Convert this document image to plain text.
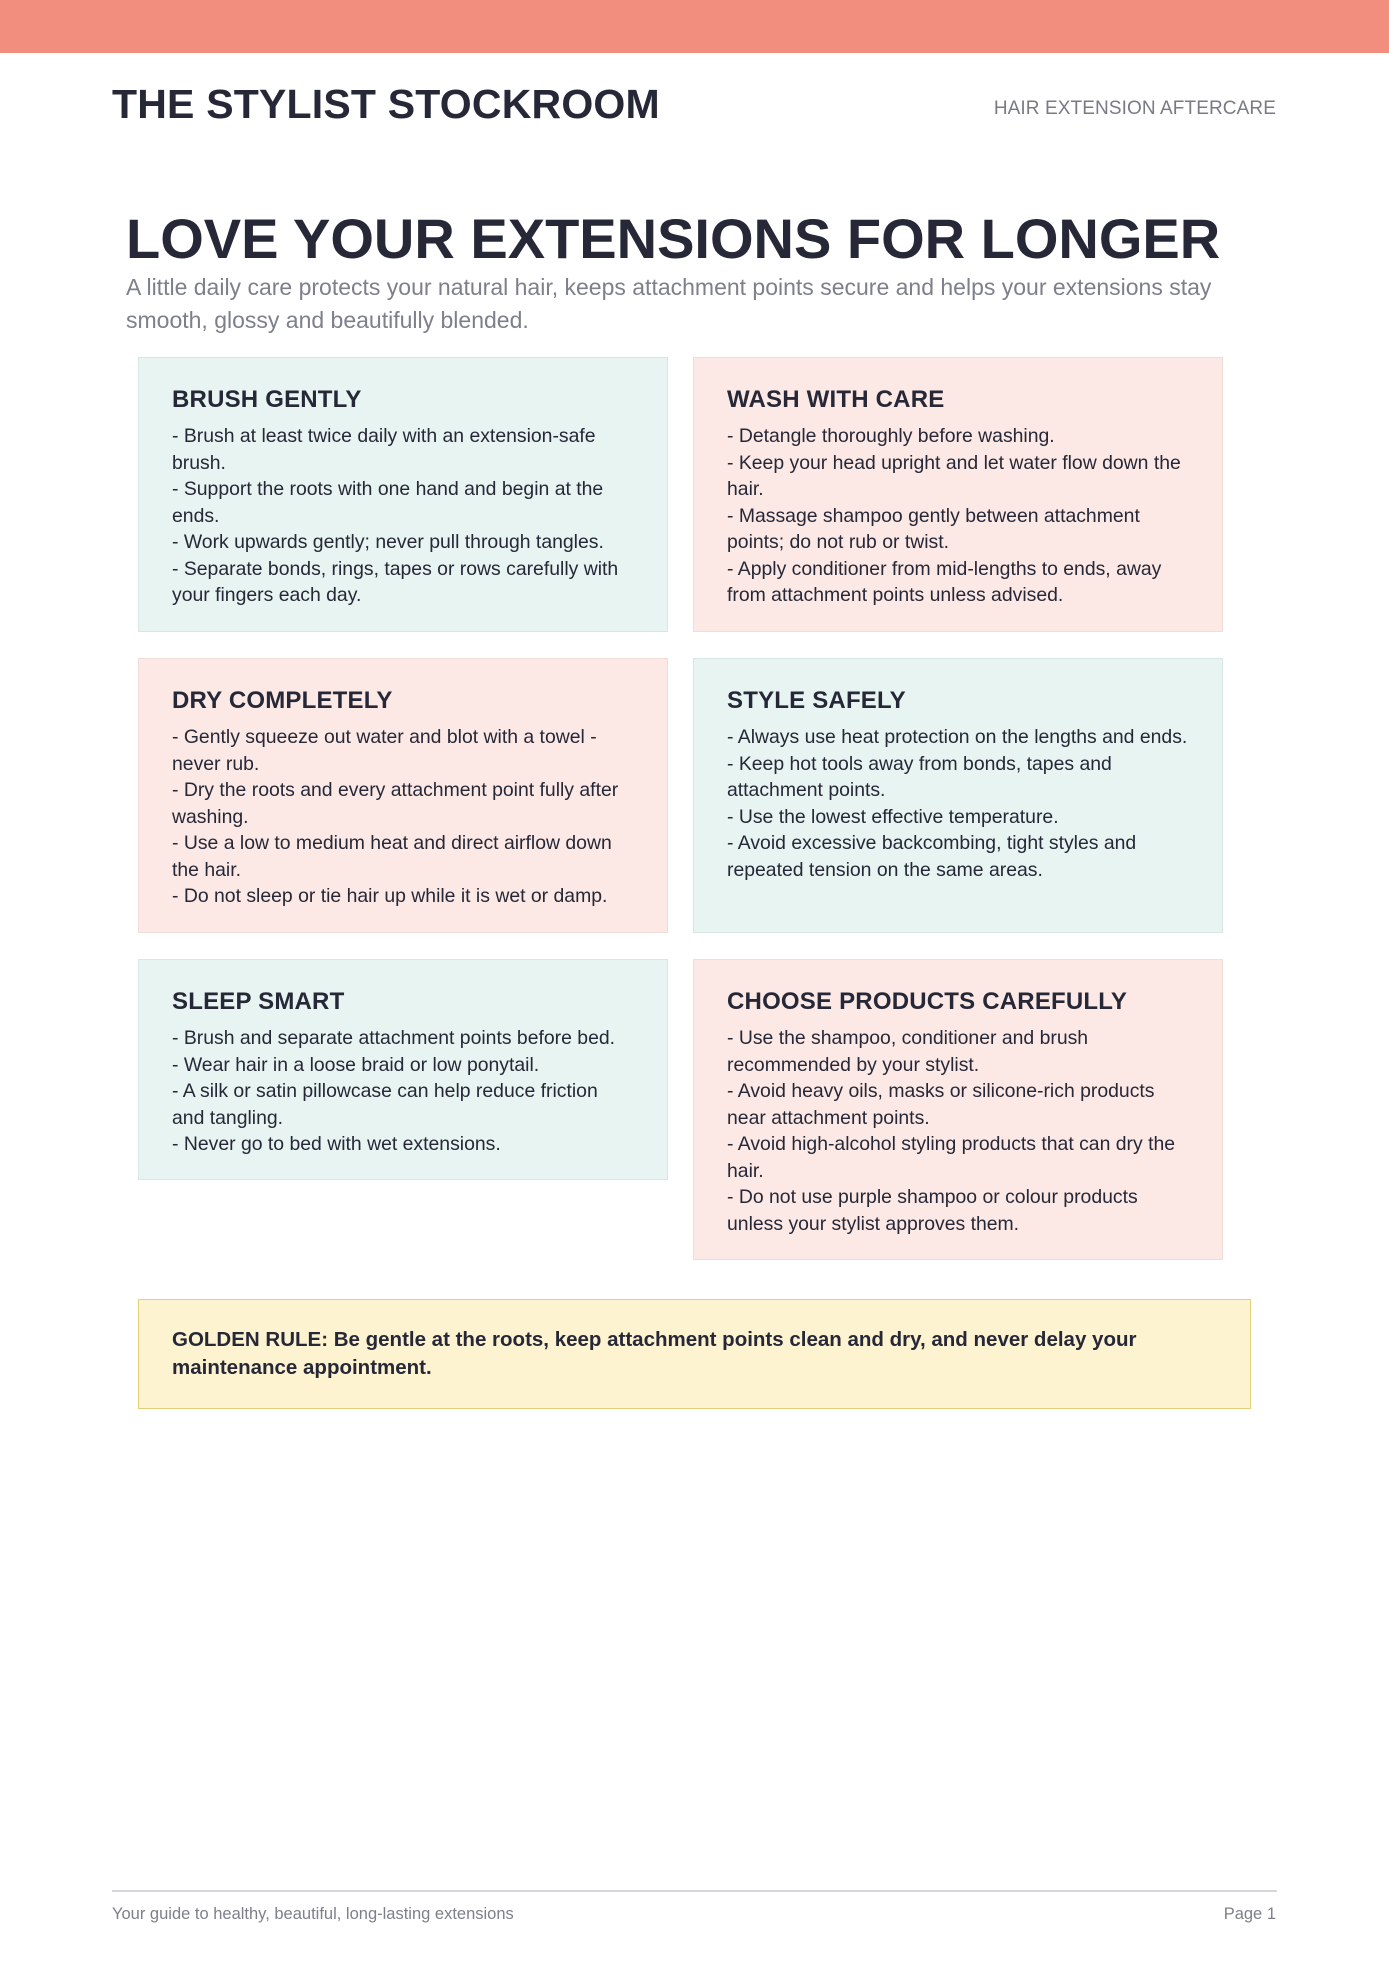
THE STYLIST STOCKROOM	HAIR EXTENSION AFTERCARE
LOVE YOUR EXTENSIONS FOR LONGER
A little daily care protects your natural hair, keeps attachment points secure and helps your extensions stay smooth, glossy and beautifully blended.
BRUSH GENTLY
- Brush at least twice daily with an extension-safe brush.
- Support the roots with one hand and begin at the ends.
- Work upwards gently; never pull through tangles.
- Separate bonds, rings, tapes or rows carefully with your fingers each day.
WASH WITH CARE
- Detangle thoroughly before washing.
- Keep your head upright and let water flow down the hair.
- Massage shampoo gently between attachment points; do not rub or twist.
- Apply conditioner from mid-lengths to ends, away from attachment points unless advised.
DRY COMPLETELY
- Gently squeeze out water and blot with a towel - never rub.
- Dry the roots and every attachment point fully after washing.
- Use a low to medium heat and direct airflow down the hair.
- Do not sleep or tie hair up while it is wet or damp.
STYLE SAFELY
- Always use heat protection on the lengths and ends.
- Keep hot tools away from bonds, tapes and attachment points.
- Use the lowest effective temperature.
- Avoid excessive backcombing, tight styles and repeated tension on the same areas.
SLEEP SMART
- Brush and separate attachment points before bed.
- Wear hair in a loose braid or low ponytail.
- A silk or satin pillowcase can help reduce friction and tangling.
- Never go to bed with wet extensions.
CHOOSE PRODUCTS CAREFULLY
- Use the shampoo, conditioner and brush recommended by your stylist.
- Avoid heavy oils, masks or silicone-rich products near attachment points.
- Avoid high-alcohol styling products that can dry the hair.
- Do not use purple shampoo or colour products unless your stylist approves them.
GOLDEN RULE: Be gentle at the roots, keep attachment points clean and dry, and never delay your maintenance appointment.
Your guide to healthy, beautiful, long-lasting extensions	Page 1
